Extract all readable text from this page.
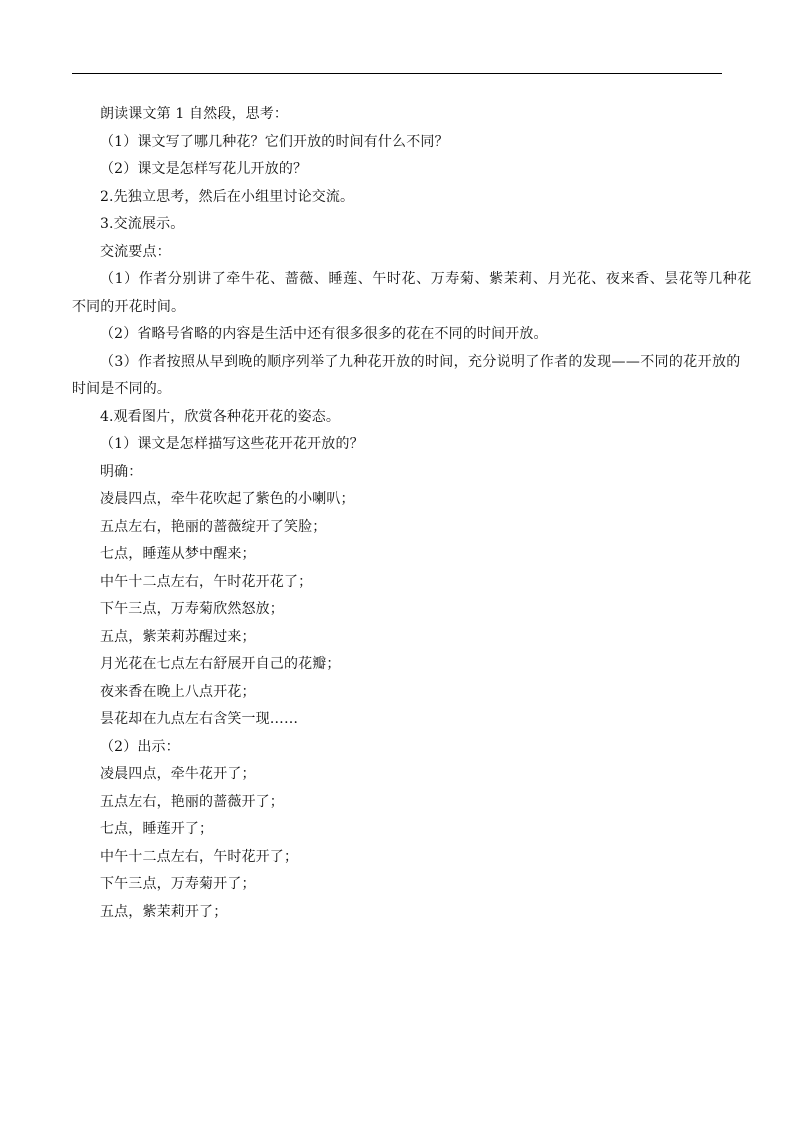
朗读课文第 1 自然段，思考：
（1）课文写了哪几种花？它们开放的时间有什么不同？
（2）课文是怎样写花儿开放的？
2.先独立思考，然后在小组里讨论交流。
3.交流展示。
交流要点：
（1）作者分别讲了牵牛花、蔷薇、睡莲、午时花、万寿菊、紫茉莉、月光花、夜来香、昙花等几种花
不同的开花时间。
（2）省略号省略的内容是生活中还有很多很多的花在不同的时间开放。
（3）作者按照从早到晚的顺序列举了九种花开放的时间，充分说明了作者的发现——不同的花开放的
时间是不同的。
4.观看图片，欣赏各种花开花的姿态。
（1）课文是怎样描写这些花开花开放的？
明确：
凌晨四点，牵牛花吹起了紫色的小喇叭；
五点左右，艳丽的蔷薇绽开了笑脸；
七点，睡莲从梦中醒来；
中午十二点左右，午时花开花了；
下午三点，万寿菊欣然怒放；
五点，紫茉莉苏醒过来；
月光花在七点左右舒展开自己的花瓣；
夜来香在晚上八点开花；
昙花却在九点左右含笑一现……
（2）出示：
凌晨四点，牵牛花开了；
五点左右，艳丽的蔷薇开了；
七点，睡莲开了；
中午十二点左右，午时花开了；
下午三点，万寿菊开了；
五点，紫茉莉开了；
